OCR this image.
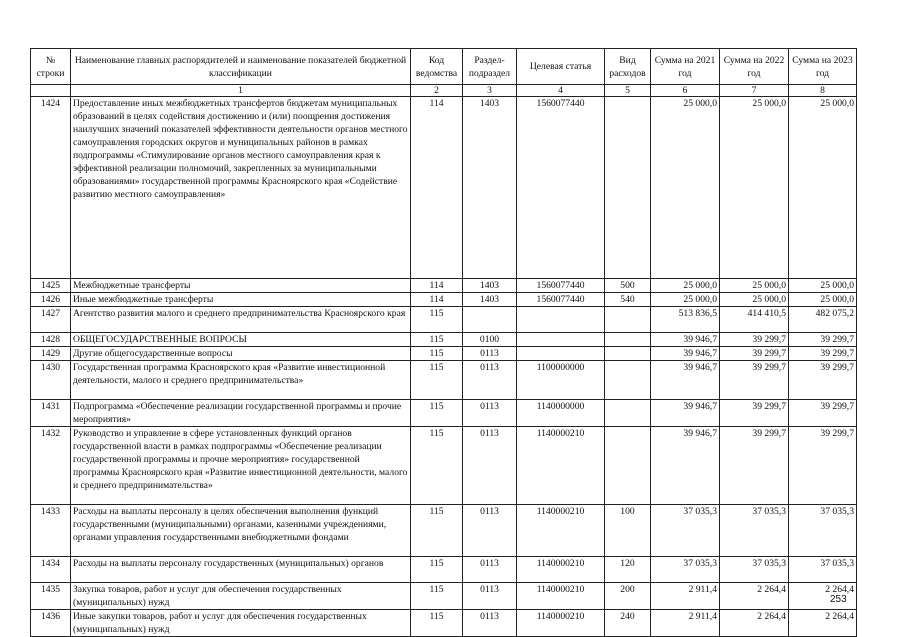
№ строки	Наименование главных распорядителей и наименование показателей бюджетной классификации	Код ведомства	Раздел- подраздел	Целевая статья	Вид расходов	Сумма на 2021 год	Сумма на 2022 год	Сумма на 2023 год
	1	2	3	4	5	6	7	8
1424	Предоставление иных межбюджетных трансфертов бюджетам муниципальных образований в целях содействия достижению и (или) поощрения достижения наилучших значений показателей эффективности деятельности органов местного самоуправления городских округов и муниципальных районов в рамках подпрограммы «Стимулирование органов местного самоуправления края к эффективной реализации полномочий, закрепленных за муниципальными образованиями» государственной программы Красноярского края «Содействие развитию местного самоуправления»	114	1403	1560077440		25 000,0	25 000,0	25 000,0
1425	Межбюджетные трансферты	114	1403	1560077440	500	25 000,0	25 000,0	25 000,0
1426	Иные межбюджетные трансферты	114	1403	1560077440	540	25 000,0	25 000,0	25 000,0
1427	Агентство развития малого и среднего предпринимательства Красноярского края	115				513 836,5	414 410,5	482 075,2
1428	ОБЩЕГОСУДАРСТВЕННЫЕ ВОПРОСЫ	115	0100			39 946,7	39 299,7	39 299,7
1429	Другие общегосударственные вопросы	115	0113			39 946,7	39 299,7	39 299,7
1430	Государственная программа Красноярского края «Развитие инвестиционной деятельности, малого и среднего предпринимательства»	115	0113	1100000000		39 946,7	39 299,7	39 299,7
1431	Подпрограмма «Обеспечение реализации государственной программы и прочие мероприятия»	115	0113	1140000000		39 946,7	39 299,7	39 299,7
1432	Руководство и управление в сфере установленных функций органов государственной власти в рамках подпрограммы «Обеспечение реализации государственной программы и прочие мероприятия» государственной программы Красноярского края «Развитие инвестиционной деятельности, малого и среднего предпринимательства»	115	0113	1140000210		39 946,7	39 299,7	39 299,7
1433	Расходы на выплаты персоналу в целях обеспечения выполнения функций государственными (муниципальными) органами, казенными учреждениями, органами управления государственными внебюджетными фондами	115	0113	1140000210	100	37 035,3	37 035,3	37 035,3
1434	Расходы на выплаты персоналу государственных (муниципальных) органов	115	0113	1140000210	120	37 035,3	37 035,3	37 035,3
1435	Закупка товаров, работ и услуг для обеспечения государственных (муниципальных) нужд	115	0113	1140000210	200	2 911,4	2 264,4	2 264,4
1436	Иные закупки товаров, работ и услуг для обеспечения государственных (муниципальных) нужд	115	0113	1140000210	240	2 911,4	2 264,4	2 264,4
253
